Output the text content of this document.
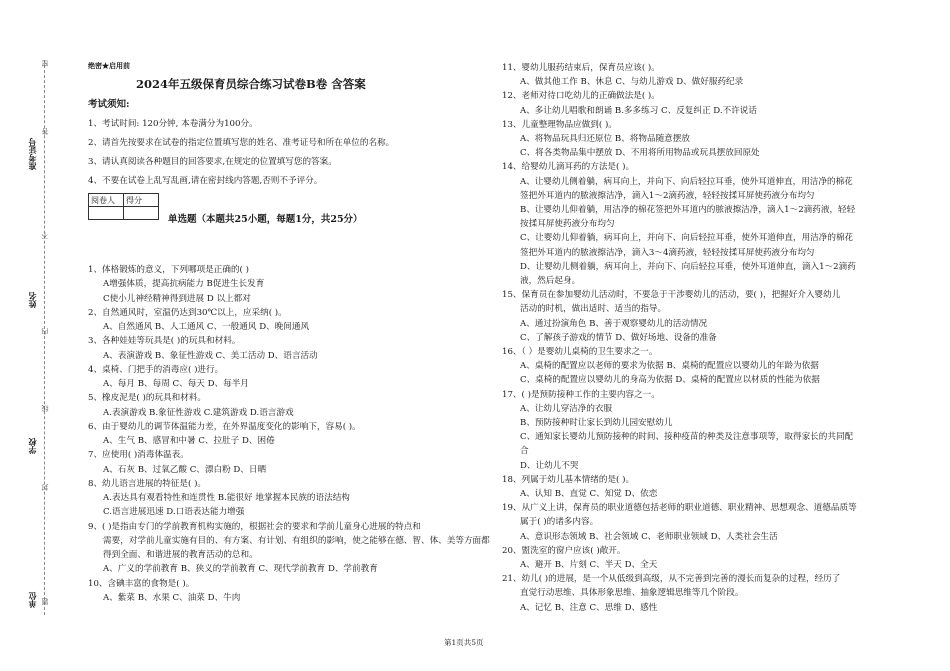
准考证号
姓名
学校
单位
密
不
内
线
封
题
答
绝密★启用前
2024年五级保育员综合练习试卷B卷 含答案
考试须知:
1、考试时间: 120分钟, 本卷满分为100分。
2、请首先按要求在试卷的指定位置填写您的姓名、准考证号和所在单位的名称。
3、请认真阅读各种题目的回答要求,在规定的位置填写您的答案。
4、不要在试卷上乱写乱画,请在密封线内答题,否则不予评分。
阅卷人	得分

单选题（本题共25小题，每题1分，共25分）
1、体格锻炼的意义，下列哪项是正确的( )
A增强体质，提高抗病能力 B促进生长发育
C使小儿神经精神得到进展 D 以上都对
2、自然通风时，室温仍达到30℃以上，应采纳( )。
A、自然通风 B、人工通风 C、一般通风 D、晚间通风
3、各种娃娃等玩具是( )的玩具和材料。
A、表演游戏 B、象征性游戏 C、美工活动 D、语言活动
4、桌椅、门把手的消毒应( )进行。
A、每月 B、每周 C、每天 D、每半月
5、橡皮泥是( )的玩具和材料。
A.表演游戏 B.象征性游戏 C.建筑游戏 D.语言游戏
6、由于婴幼儿的调节体温能力差，在外界温度变化的影响下，容易( )。
A、生气 B、感冒和中暑 C、拉肚子 D、困倦
7、应使用( )消毒体温表。
A、石灰 B、过氧乙酸 C、漂白粉 D、日晒
8、幼儿语言进展的特征是( )。
A.表达具有观看特性和连贯性 B.能很好 地掌握本民族的语法结构
C.语言进展迅速 D.口语表达能力增强
9、( )是指由专门的学前教育机构实施的，根据社会的要求和学前儿童身心进展的特点和
需要，对学前儿童实施有目的、有方案、有计划、有组织的影响，使之能够在德、智、体、美等方面都
得到全面、和谐进展的教育活动的总和。
A、广义的学前教育 B、狭义的学前教育 C、现代学前教育 D、学前教育
10、含碘丰富的食物是( )。
A、紫菜 B、水果 C、油菜 D、牛肉
11、婴幼儿服药结束后，保育员应该( )。
A、做其他工作 B、休息 C、与幼儿游戏 D、做好服药纪录
12、老师对待口吃幼儿的正确做法是( )。
A、多让幼儿唱歌和朗诵 B.多多练习 C、反复纠正 D.不许说话
13、儿童整理物品应做到( )。
A、将物品玩具归还原位 B、将物品随意摆放
C、将各类物品集中摆放 D、不用将所用物品或玩具摆放回原处
14、给婴幼儿滴耳药的方法是( )。
A、让婴幼儿侧着躺，病耳向上，并向下、向后轻拉耳垂，使外耳道伸直，用洁净的棉花
签把外耳道内的脓液擦洁净，滴入1～2滴药液，轻轻按揉耳屏使药液分布均匀
B、让婴幼儿仰着躺，用洁净的棉花签把外耳道内的脓液擦洁净，滴入1～2滴药液，轻轻
按揉耳屏使药液分布均匀
C、让婴幼儿仰着躺，病耳向上，并向下、向后轻拉耳垂，使外耳道伸直，用洁净的棉花
签把外耳道内的脓液擦洁净，滴入3～4滴药液，轻轻按揉耳屏使药液分布均匀
D、让婴幼儿侧着躺，病耳向上，并向下、向后轻拉耳垂，使外耳道伸直，滴入1～2滴药
液，然后起身。
15、保育员在参加婴幼儿活动时，不要急于干涉婴幼儿的活动，要( )，把握好介入婴幼儿
活动的时机，做出适时、适当的指导。
A、通过扮演角色 B、善于观察婴幼儿的活动情况
C、了解孩子游戏的情节 D、做好场地、设备的准备
16、（ ）是婴幼儿桌椅的卫生要求之一。
A、桌椅的配置应以老师的要求为依据 B、桌椅的配置应以婴幼儿的年龄为依据
C、桌椅的配置应以婴幼儿的身高为依据 D、桌椅的配置应以材质的性能为依据
17、( )是预防接种工作的主要内容之一。
A、让幼儿穿洁净的衣服
B、预防接种时让家长到幼儿园安慰幼儿
C、通知家长婴幼儿预防接种的时间、接种疫苗的种类及注意事项等，取得家长的共同配
合
D、让幼儿不哭
18、列属于幼儿基本情绪的是( )。
A、认知 B、直觉 C、知觉 D、依恋
19、从广义上讲，保育员的职业道德包括老师的职业道德、职业精神、思想观念、道德品质等
属于( )的诸多内容。
A、意识形态领域 B、社会领域 C、老师职业领域 D、人类社会生活
20、盥洗室的窗户应该( )敞开。
A、避开 B、片刻 C、半天 D、全天
21、幼儿( )的进展，是一个从低级到高级，从不完善到完善的漫长而复杂的过程，经历了
直觉行动思维、具体形象思维、抽象逻辑思维等几个阶段。
A、记忆 B、注意 C、思维 D、感性
第1页共5页
